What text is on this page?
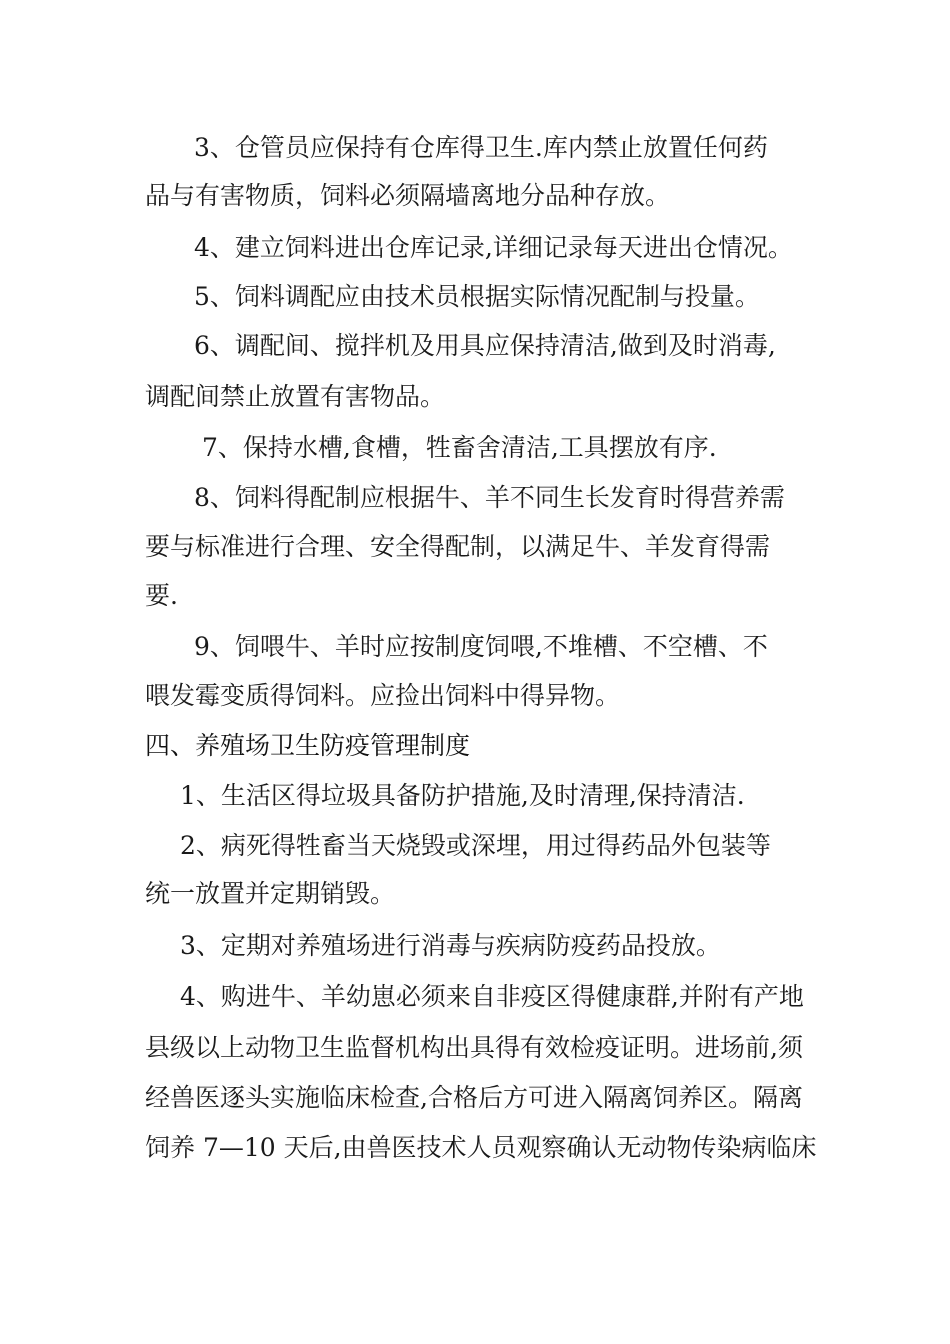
3、仓管员应保持有仓库得卫生.库内禁止放置任何药
品与有害物质，饲料必须隔墙离地分品种存放。
4、建立饲料进出仓库记录,详细记录每天进出仓情况。
5、饲料调配应由技术员根据实际情况配制与投量。
6、调配间、搅拌机及用具应保持清洁,做到及时消毒,
调配间禁止放置有害物品。
7、保持水槽,食槽，牲畜舍清洁,工具摆放有序.
8、饲料得配制应根据牛、羊不同生长发育时得营养需
要与标准进行合理、安全得配制，以满足牛、羊发育得需
要.
9、饲喂牛、羊时应按制度饲喂,不堆槽、不空槽、不
喂发霉变质得饲料。应捡出饲料中得异物。
四、养殖场卫生防疫管理制度
1、生活区得垃圾具备防护措施,及时清理,保持清洁.
2、病死得牲畜当天烧毁或深埋，用过得药品外包装等
统一放置并定期销毁。
3、定期对养殖场进行消毒与疾病防疫药品投放。
4、购进牛、羊幼崽必须来自非疫区得健康群,并附有产地
县级以上动物卫生监督机构出具得有效检疫证明。进场前,须
经兽医逐头实施临床检查,合格后方可进入隔离饲养区。隔离
饲养 7—10 天后,由兽医技术人员观察确认无动物传染病临床
